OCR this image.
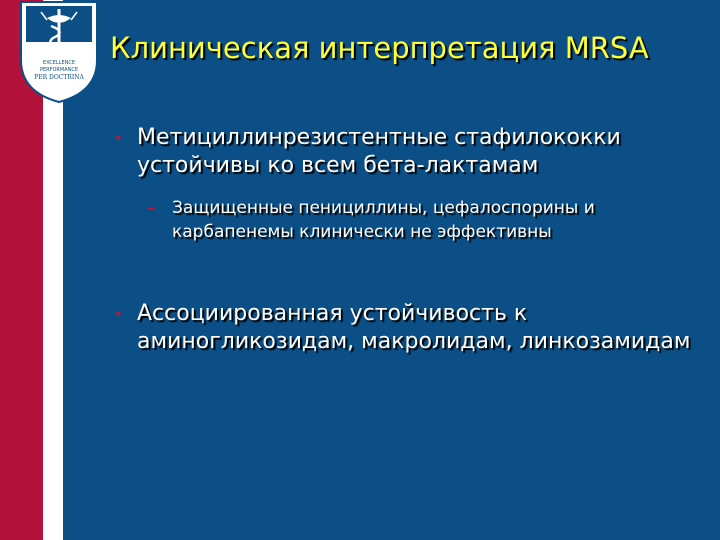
EXCELLENCE
PERFORMANCE
PER DOCTRINA
Клиническая интерпретация MRSA
• Метициллинрезистентные стафилококки устойчивы ко всем бета-лактамам
– Защищенные пенициллины, цефалоспорины и карбапенемы клинически не эффективны
• Ассоциированная устойчивость к аминогликозидам, макролидам, линкозамидам
